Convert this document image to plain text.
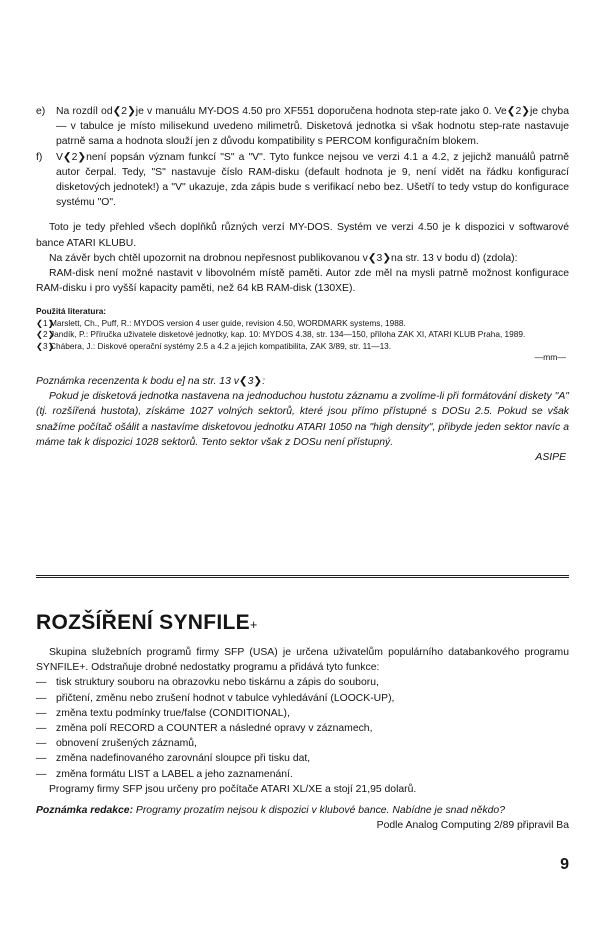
e)	Na rozdíl od❮2❯je v manuálu MY-DOS 4.50 pro XF551 doporučena hodnota step-rate jako 0. Ve❮2❯je chyba — v tabulce je místo milisekund uvedeno milimetrů. Disketová jednotka si však hodnotu step-rate nastavuje patrně sama a hodnota slouží jen z důvodu kompatibility s PERCOM konfiguračním blokem.
f)	V❮2❯není popsán význam funkcí "S" a "V". Tyto funkce nejsou ve verzi 4.1 a 4.2, z jejichž manuálů patrně autor čerpal. Tedy, "S" nastavuje číslo RAM-disku (default hodnota je 9, není vidět na řádku konfigurací disketových jednotek!) a "V" ukazuje, zda zápis bude s verifikací nebo bez. Ušetří to tedy vstup do konfigurace systému "O".

Toto je tedy přehled všech doplňků různých verzí MY-DOS. Systém ve verzi 4.50 je k dispozici v softwarové bance ATARI KLUBU.

Na závěr bych chtěl upozornit na drobnou nepřesnost publikovanou v❮3❯na str. 13 v bodu d) (zdola):

RAM-disk není možné nastavit v libovolném místě paměti. Autor zde měl na mysli patrně možnost konfigurace RAM-disku i pro vyšší kapacity paměti, než 64 kB RAM-disk (130XE).

Použitá literatura:

❮1❯
Marslett, Ch., Puff, R.: MYDOS version 4 user guide, revision 4.50, WORDMARK systems, 1988.
❮2❯
Jandík, P.: Příručka uživatele disketové jednotky, kap. 10: MYDOS 4.38, str. 134—150, příloha ZAK XI, ATARI KLUB Praha, 1989.
❮3❯
Chábera, J.: Diskové operační systémy 2.5 a 4.2 a jejich kompatibilita, ZAK 3/89, str. 11—13.

—mm—

Poznámka recenzenta k bodu e] na str. 13 v❮3❯:

Pokud je disketová jednotka nastavena na jednoduchou hustotu záznamu a zvolíme-li při formátování diskety "A" (tj. rozšířená hustota), získáme 1027 volných sektorů, které jsou přímo přístupné s DOSu 2.5. Pokud se však snažíme počítač ošálit a nastavíme disketovou jednotku ATARI 1050 na "high density", přibyde jeden sektor navíc a máme tak k dispozici 1028 sektorů. Tento sektor však z DOSu není přístupný.

ASIPE

ROZŠÍŘENÍ SYNFILE+

Skupina služebních programů firmy SFP (USA) je určena uživatelům populárního databankového programu SYNFILE+. Odstraňuje drobné nedostatky programu a přidává tyto funkce:

— tisk struktury souboru na obrazovku nebo tiskárnu a zápis do souboru,
— přičtení, změnu nebo zrušení hodnot v tabulce vyhledávání (LOOCK-UP),
— změna textu podmínky true/false (CONDITIONAL),
— změna polí RECORD a COUNTER a následné opravy v záznamech,
— obnovení zrušených záznamů,
— změna nadefinovaného zarovnání sloupce při tisku dat,
— změna formátu LIST a LABEL a jeho zaznamenání.

Programy firmy SFP jsou určeny pro počítače ATARI XL/XE a stojí 21,95 dolarů.

Poznámka redakce: Programy prozatím nejsou k dispozici v klubové bance. Nabídne je snad někdo?

Podle Analog Computing 2/89 připravil Ba

9
